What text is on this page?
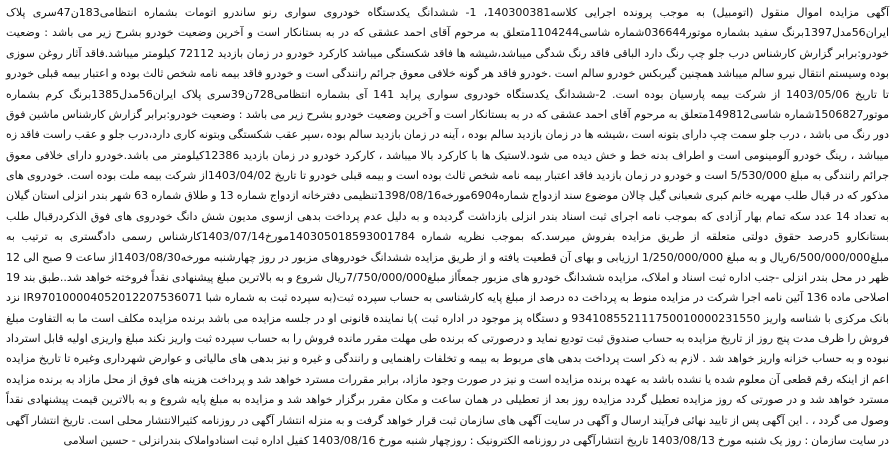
آگهی مزایده اموال منقول (اتومبیل) به موجب پرونده اجرایی کلاسه140300381، 1- ششدانگ یکدستگاه خودروی سواری رنو ساندرو اتومات بشماره انتظامی183ن47سری پلاک ایران56مدل1397برنگ سفید بشماره موتور036644شماره شاسی1104244متعلق به مرحوم آقای احمد عشقی که در به بستانکار است و آخرین وضعیت خودرو بشرح زیر می باشد : وضعیت خودرو:برابر گزارش کارشناس درب جلو چپ رنگ دارد الباقی فاقد رنگ شدگی میباشد،شیشه ها فاقد شکستگی میباشد کارکرد خودرو در زمان بازدید 72112 کیلومتر میباشد.فاقد آثار روغن سوزی بوده وسیستم انتقال نیرو سالم میباشد همچنین گیربکس خودرو سالم است .خودرو فاقد هر گونه خلافی معوق جرائم رانندگی است و خودرو فاقد بیمه نامه شخص ثالث بوده و اعتبار بیمه قبلی خودرو تا تاریخ 1403/05/06 از شرکت بیمه پارسیان بوده است. 2-ششدانگ یکدستگاه خودروی سواری پراید 141 آی بشماره انتظامی728ن39سری پلاک ایران56مدل1385برنگ کرم بشماره موتور1506827شماره شاسی149812متعلق به مرحوم آقای احمد عشقی که در به بستانکار است و آخرین وضعیت خودرو بشرح زیر می باشد : وضعیت خودرو:برابر گزارش کارشناس ماشین فوق دور رنگ می باشد ، درب جلو سمت چپ دارای بتونه است ،شیشه ها در زمان بازدید سالم بوده ، آینه در زمان بازدید سالم بوده ،سپر عقب شکستگی وبتونه کاری دارد،درب جلو و عقب راست فاقد زه میباشد ، رینگ خودرو آلومینومی است و اطراف بدنه خط و خش دیده می شود.لاستیک ها با کارکرد بالا میباشد ، کارکرد خودرو در زمان بازدید 12386کیلومتر می باشد.خودرو دارای خلافی معوق جرائم رانندگی به مبلغ 5/530/000 است و خودرو در زمان بازدید فاقد اعتبار بیمه نامه شخص ثالث بوده است و بیمه قبلی خودرو تا تاریخ 1403/04/02از شرکت بیمه ملت بوده است. خودروی های مذکور که در قبال طلب مهریه خانم کبری شعبانی گیل چالان موضوع سند ازدواج شماره6904مورخه1398/08/16تنظیمی دفترخانه ازدواج شماره 13 و طلاق شماره 63 شهر بندر انزلی استان گیلان به تعداد 14 عدد سکه تمام بهار آزادی که بموجب نامه اجرای ثبت اسناد بندر انزلی بازداشت گردیده و به دلیل عدم پرداخت بدهی ازسوی مدیون شش دانگ خودروی های فوق الذکردرقبال طلب بستانکارو 5درصد حقوق دولتی متعلقه از طریق مزایده بفروش میرسد.که بموجب نظریه شماره 140305018593001784مورخ1403/07/14کارشناس رسمی دادگستری به ترتیب به مبلغ6/500/000/000ریال و به مبلغ 1/250/000/000 ارزیابی و بهای آن قطعیت یافته و از طریق مزایده ششدانگ خودروهای مزبور در روز چهارشنبه مورخه1403/08/30از ساعت 9 صبح الی 12 ظهر در محل بندر انزلی -جنب اداره ثبت اسناد و املاک، مزایده ششدانگ خودرو های مزبور جمعاًاز مبلغ7/750/000/000ریال شروع و به بالاترین مبلغ پیشنهادی نقداً فروخته خواهد شد..طبق بند 19 اصلاحی ماده 136 آئین نامه اجرا شرکت در مزایده منوط به پرداخت ده درصد از مبلغ پایه کارشناسی به حساب سپرده ثبت(به سپرده ثبت به شماره شبا IR970100004052012207536071 نزد بانک مرکزی با شناسه واریز 934108552111750010000231550 و دستگاه پز موجود در اداره ثبت )با نماینده قانونی او در جلسه مزایده می باشد برنده مزایده مکلف است ما به التفاوت مبلغ فروش را ظرف مدت پنج روز از تاریخ مزایده به حساب صندوق ثبت تودیع نماید و درصورتی که برنده طی مهلت مقرر مانده فروش را به حساب سپرده ثبت واریز نکند مبلغ واریزی اولیه قابل استرداد نبوده و به حساب خزانه واریز خواهد شد . لازم به ذکر است پرداخت بدهی های مربوط به بیمه و تخلفات راهنمایی و رانندگی و غیره و نیز بدهی های مالیاتی و عوارض شهرداری وغیره تا تاریخ مزایده اعم از اینکه رقم قطعی آن معلوم شده یا نشده باشد به عهده برنده مزایده است و نیز در صورت وجود مازاد، برابر مقررات مسترد خواهد شد و پرداخت هزینه های فوق از محل مازاد به برنده مزایده مسترد خواهد شد و در صورتی که روز مزایده تعطیل گردد مزایده روز بعد از تعطیلی در همان ساعت و مکان مقرر برگزار خواهد شد و مزایده به مبلغ پایه شروع و به بالاترین قیمت پیشنهادی نقداً وصول می گردد ، . این آگهی پس از تایید نهائی فرآیند ارسال و آگهی در سایت آگهی های سازمان ثبت قرار خواهد گرفت و به منزله انتشار آگهی در روزنامه کثیرالانتشار محلی است. تاریخ انتشار آگهی در سایت سازمان : روز یک شنبه مورخ 1403/08/13 تاریخ انتشارآگهی در روزنامه الکترونیک : روزچهار شنبه مورخ 1403/08/16 کفیل اداره ثبت اسنادواملاک بندرانزلی - حسین اسلامی
